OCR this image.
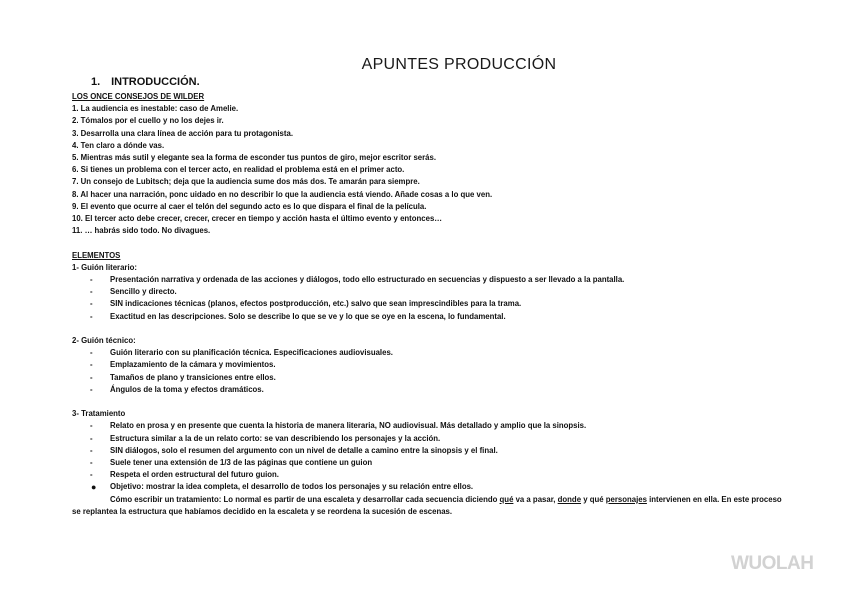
APUNTES PRODUCCIÓN
1. INTRODUCCIÓN.
LOS ONCE CONSEJOS DE WILDER
1. La audiencia es inestable: caso de Amelie.
2. Tómalos por el cuello y no los dejes ir.
3. Desarrolla una clara línea de acción para tu protagonista.
4. Ten claro a dónde vas.
5. Mientras más sutil y elegante sea la forma de esconder tus puntos de giro, mejor escritor serás.
6. Si tienes un problema con el tercer acto, en realidad el problema está en el primer acto.
7. Un consejo de Lubitsch; deja que la audiencia sume dos más dos. Te amarán para siempre.
8. Al hacer una narración, ponc uidado en no describir lo que la audiencia está viendo. Añade cosas a lo que ven.
9. El evento que ocurre al caer el telón del segundo acto es lo que dispara el final de la película.
10. El tercer acto debe crecer, crecer, crecer en tiempo y acción hasta el último evento y entonces…
11. … habrás sido todo. No divagues.
ELEMENTOS
1- Guión literario:
- Presentación narrativa y ordenada de las acciones y diálogos, todo ello estructurado en secuencias y dispuesto a ser llevado a la pantalla.
- Sencillo y directo.
- SIN indicaciones técnicas (planos, efectos postproducción, etc.) salvo que sean imprescindibles para la trama.
- Exactitud en las descripciones. Solo se describe lo que se ve y lo que se oye en la escena, lo fundamental.
2- Guión técnico:
- Guión literario con su planificación técnica. Especificaciones audiovisuales.
- Emplazamiento de la cámara y movimientos.
- Tamaños de plano y transiciones entre ellos.
- Ángulos de la toma y efectos dramáticos.
3- Tratamiento
- Relato en prosa y en presente que cuenta la historia de manera literaria, NO audiovisual. Más detallado y amplio que la sinopsis.
- Estructura similar a la de un relato corto: se van describiendo los personajes y la acción.
- SIN diálogos, solo el resumen del argumento con un nivel de detalle a camino entre la sinopsis y el final.
- Suele tener una extensión de 1/3 de las páginas que contiene un guion
- Respeta el orden estructural del futuro guion.
● Objetivo: mostrar la idea completa, el desarrollo de todos los personajes y su relación entre ellos.
Cómo escribir un tratamiento: Lo normal es partir de una escaleta y desarrollar cada secuencia diciendo qué va a pasar, donde y qué personajes intervienen en ella. En este proceso
se replantea la estructura que habíamos decidido en la escaleta y se reordena la sucesión de escenas.
WUOLAH
